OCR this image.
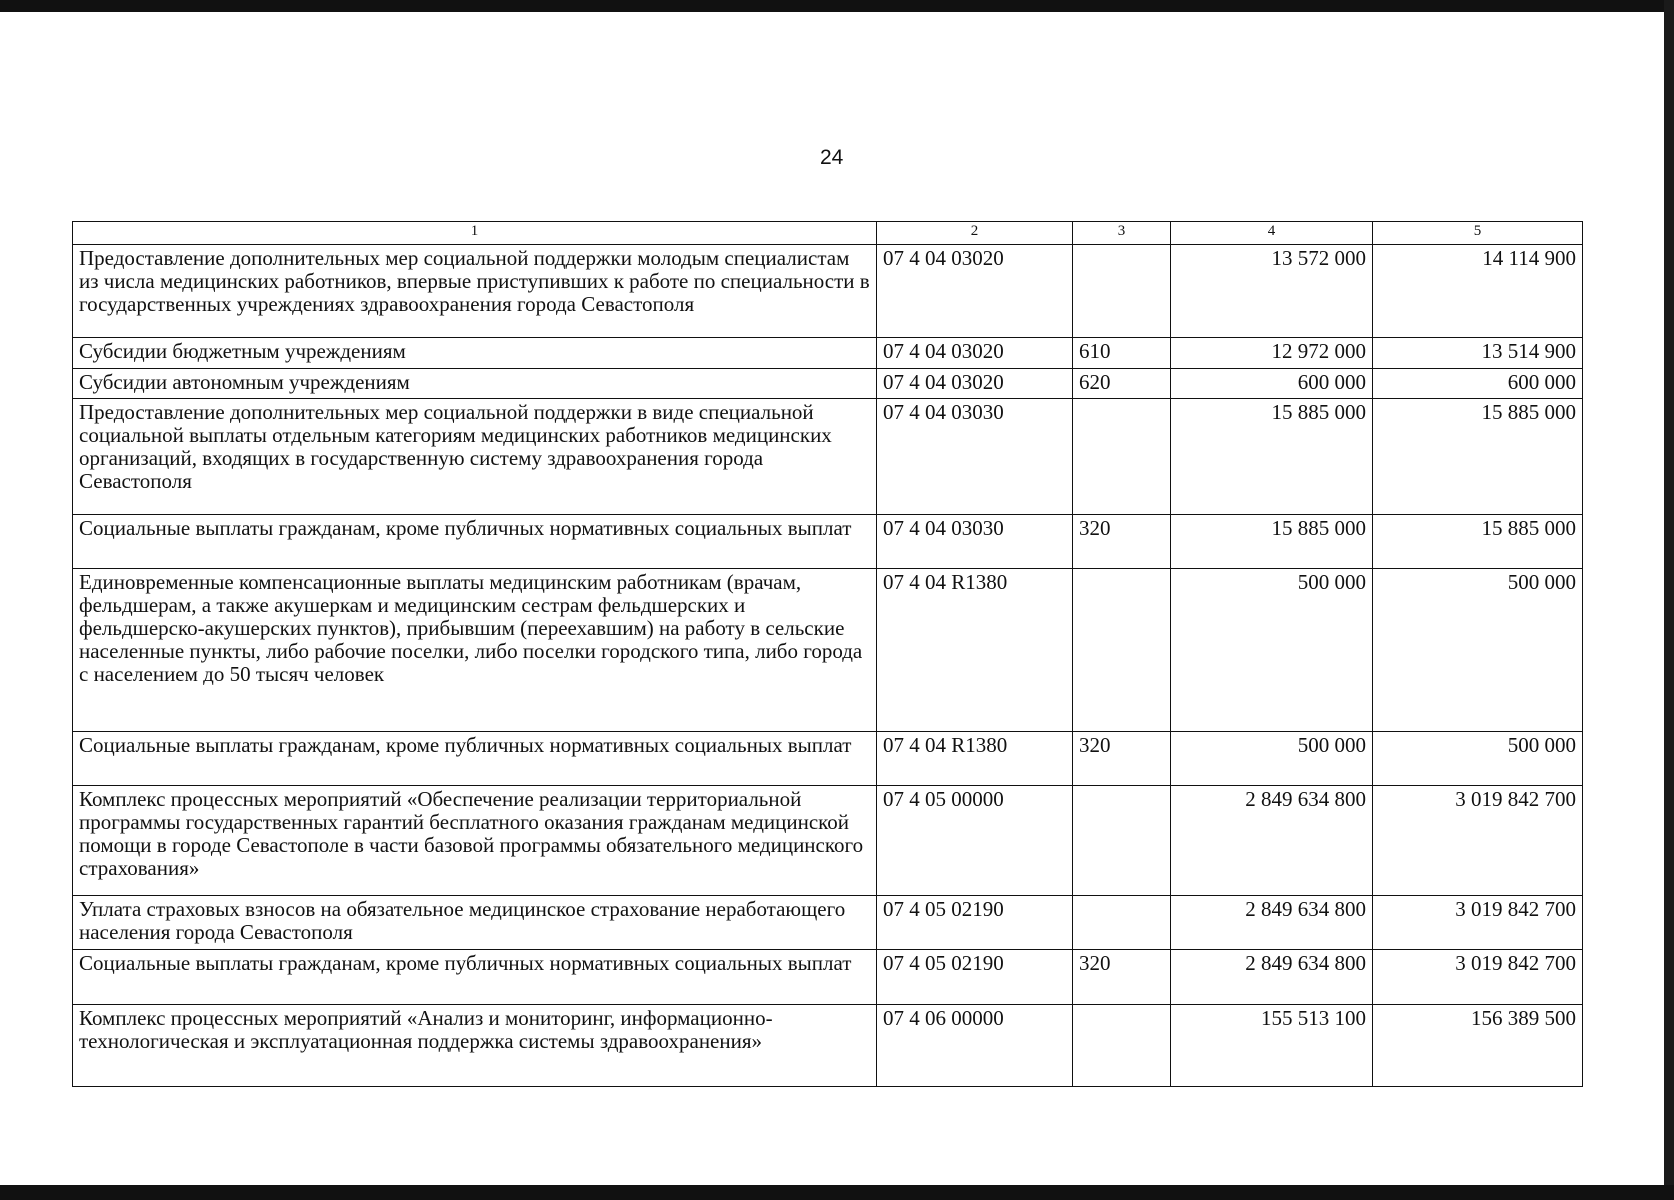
24
1	2	3	4	5
Предоставление дополнительных мер социальной поддержки молодым специалистам из числа медицинских работников, впервые приступивших к работе по специальности в государственных учреждениях здравоохранения города Севастополя	07 4 04 03020		13 572 000	14 114 900
Субсидии бюджетным учреждениям	07 4 04 03020	610	12 972 000	13 514 900
Субсидии автономным учреждениям	07 4 04 03020	620	600 000	600 000
Предоставление дополнительных мер социальной поддержки в виде специальной социальной выплаты отдельным категориям медицинских работников медицинских организаций, входящих в государственную систему здравоохранения города Севастополя	07 4 04 03030		15 885 000	15 885 000
Социальные выплаты гражданам, кроме публичных нормативных социальных выплат	07 4 04 03030	320	15 885 000	15 885 000
Единовременные компенсационные выплаты медицинским работникам (врачам, фельдшерам, а также акушеркам и медицинским сестрам фельдшерских и фельдшерско-акушерских пунктов), прибывшим (переехавшим) на работу в сельские населенные пункты, либо рабочие поселки, либо поселки городского типа, либо города с населением до 50 тысяч человек	07 4 04 R1380		500 000	500 000
Социальные выплаты гражданам, кроме публичных нормативных социальных выплат	07 4 04 R1380	320	500 000	500 000
Комплекс процессных мероприятий «Обеспечение реализации территориальной программы государственных гарантий бесплатного оказания гражданам медицинской помощи в городе Севастополе в части базовой программы обязательного медицинского страхования»	07 4 05 00000		2 849 634 800	3 019 842 700
Уплата страховых взносов на обязательное медицинское страхование неработающего населения города Севастополя	07 4 05 02190		2 849 634 800	3 019 842 700
Социальные выплаты гражданам, кроме публичных нормативных социальных выплат	07 4 05 02190	320	2 849 634 800	3 019 842 700
Комплекс процессных мероприятий «Анализ и мониторинг, информационно-технологическая и эксплуатационная поддержка системы здравоохранения»	07 4 06 00000		155 513 100	156 389 500
